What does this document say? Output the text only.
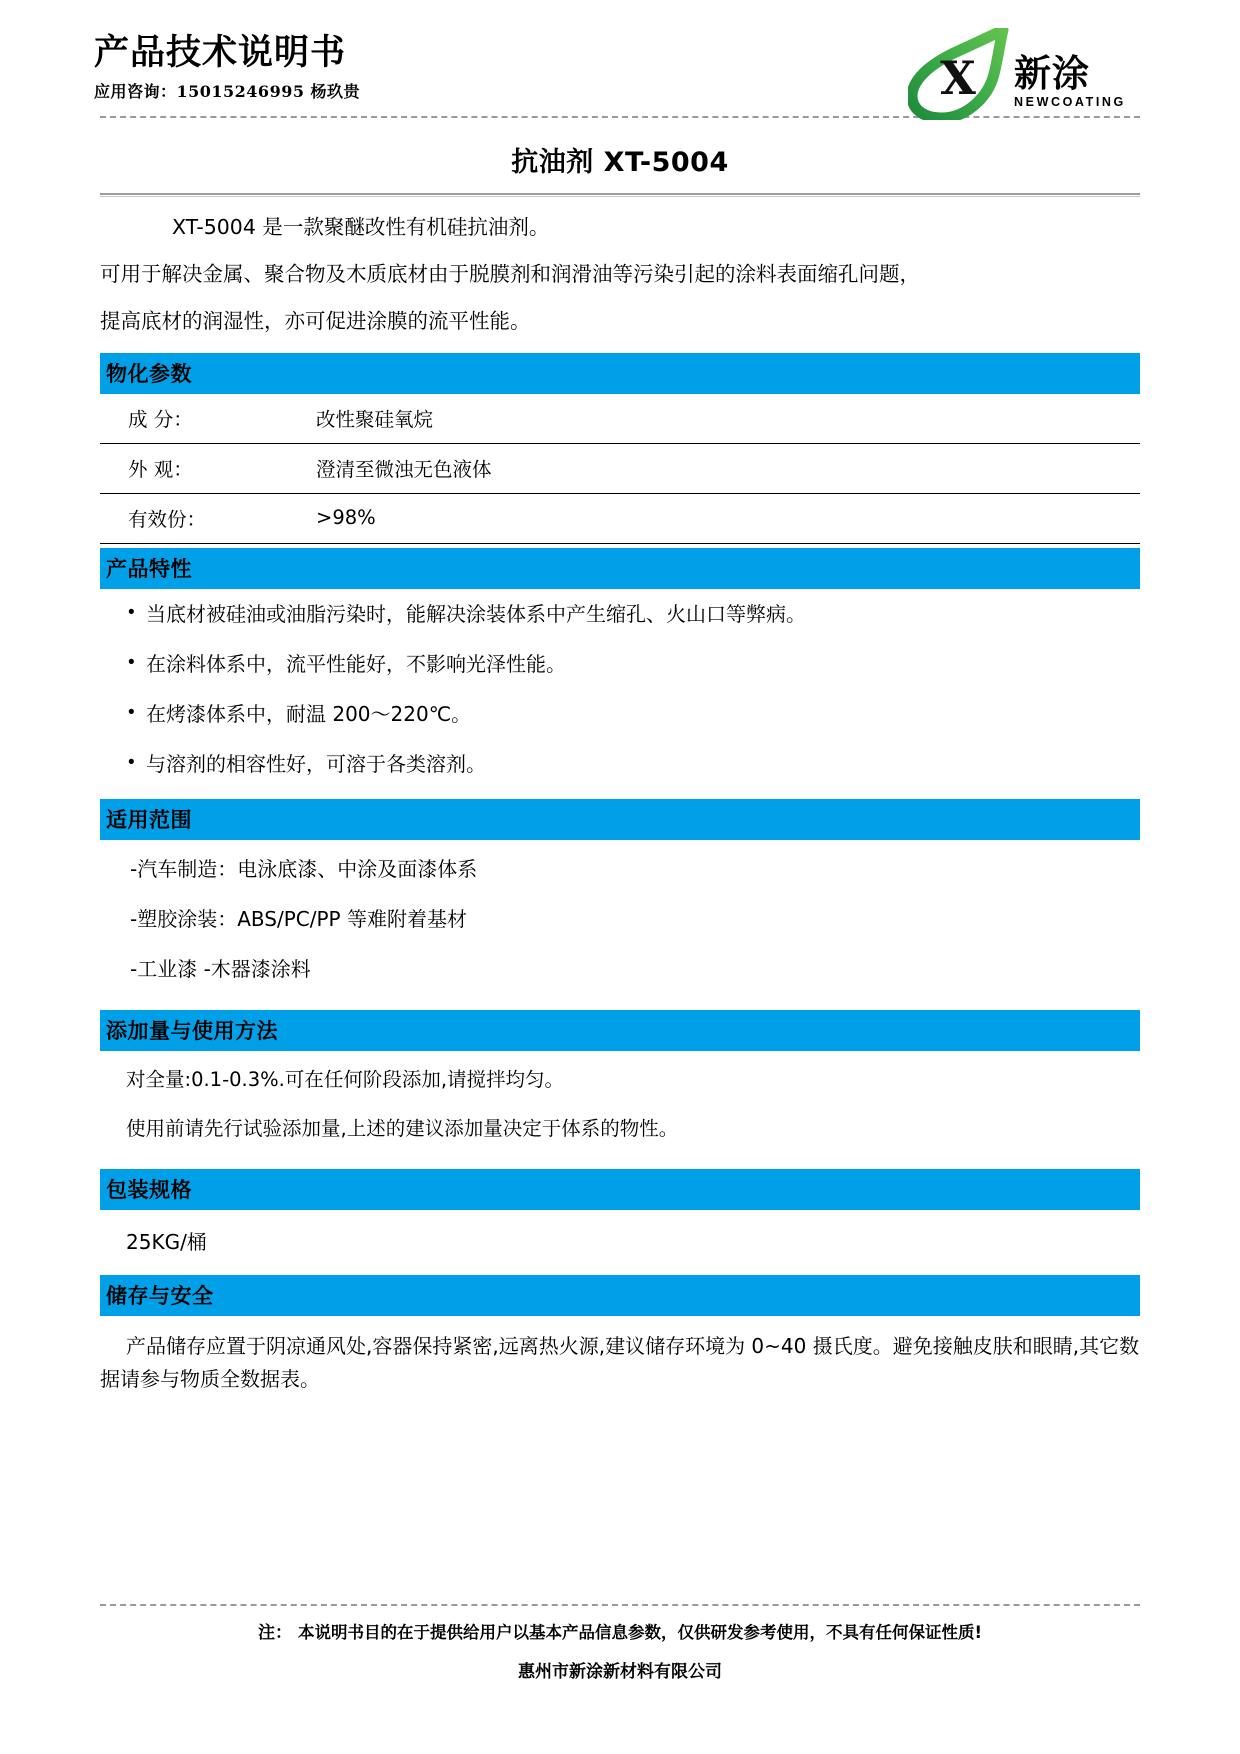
产品技术说明书
应用咨询：15015246995 杨玖贵	X 新涂
NEWCOATING
抗油剂 XT-5004

XT-5004 是一款聚醚改性有机硅抗油剂。

可用于解决金属、聚合物及木质底材由于脱膜剂和润滑油等污染引起的涂料表面缩孔问题，

提高底材的润湿性，亦可促进涂膜的流平性能。

物化参数
成 分：	改性聚硅氧烷
外 观：	澄清至微浊无色液体
有效份：	>98%
产品特性
• 当底材被硅油或油脂污染时，能解决涂装体系中产生缩孔、火山口等弊病。
• 在涂料体系中，流平性能好，不影响光泽性能。
• 在烤漆体系中，耐温 200～220℃。
• 与溶剂的相容性好，可溶于各类溶剂。
适用范围
-汽车制造：电泳底漆、中涂及面漆体系
-塑胶涂装：ABS/PC/PP 等难附着基材
-工业漆 -木器漆涂料
添加量与使用方法
对全量:0.1-0.3%.可在任何阶段添加,请搅拌均匀。
使用前请先行试验添加量,上述的建议添加量决定于体系的物性。
包装规格
25KG/桶
储存与安全
产品储存应置于阴凉通风处,容器保持紧密,远离热火源,建议储存环境为 0~40 摄氏度。避免接触皮肤和眼睛,其它数据请参与物质全数据表。
注： 本说明书目的在于提供给用户以基本产品信息参数，仅供研发参考使用，不具有任何保证性质!
惠州市新涂新材料有限公司
